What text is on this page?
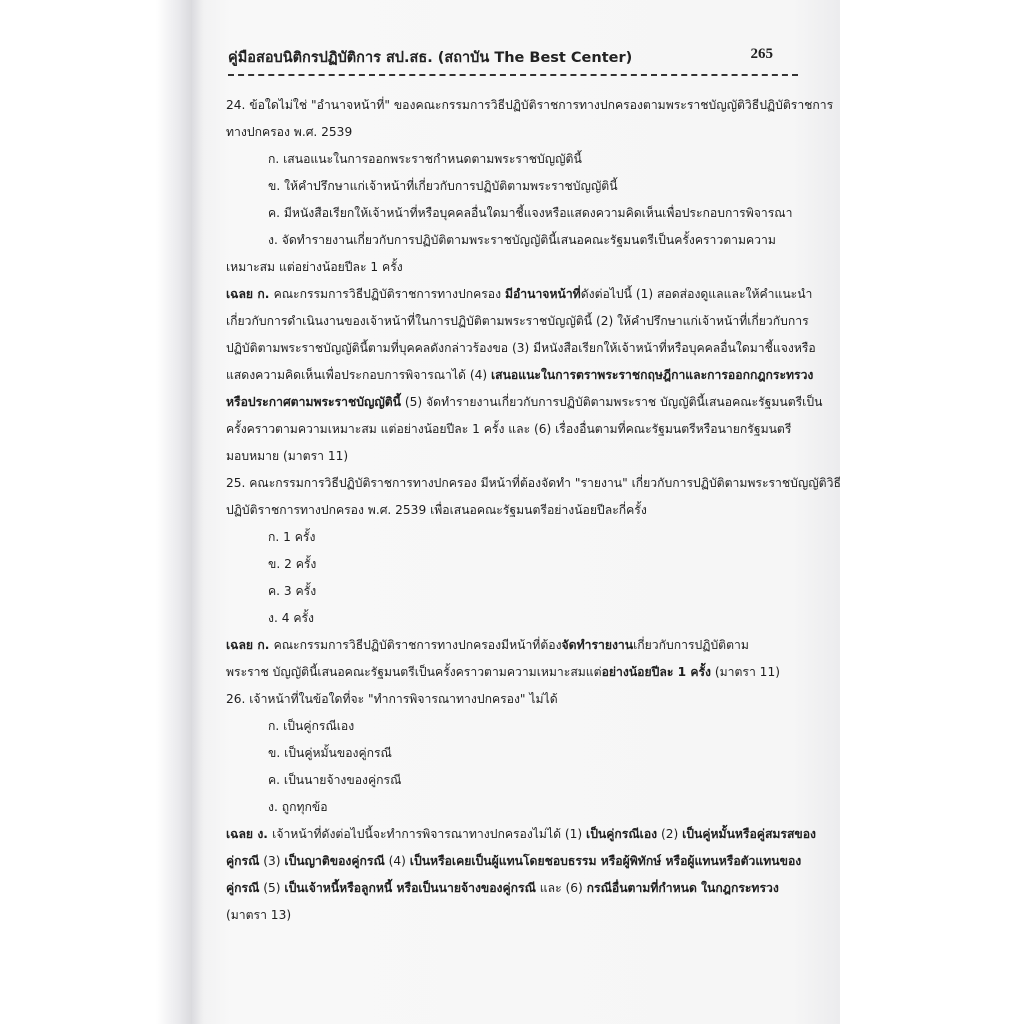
คู่มือสอบนิติกรปฏิบัติการ สป.สธ. (สถาบัน The Best Center)	265
24. ข้อใดไม่ใช่ "อำนาจหน้าที่" ของคณะกรรมการวิธีปฏิบัติราชการทางปกครองตามพระราชบัญญัติวิธีปฏิบัติราชการ
ทางปกครอง พ.ศ. 2539
ก. เสนอแนะในการออกพระราชกำหนดตามพระราชบัญญัตินี้
ข. ให้คำปรึกษาแก่เจ้าหน้าที่เกี่ยวกับการปฏิบัติตามพระราชบัญญัตินี้
ค. มีหนังสือเรียกให้เจ้าหน้าที่หรือบุคคลอื่นใดมาชี้แจงหรือแสดงความคิดเห็นเพื่อประกอบการพิจารณา
ง. จัดทำรายงานเกี่ยวกับการปฏิบัติตามพระราชบัญญัตินี้เสนอคณะรัฐมนตรีเป็นครั้งคราวตามความ
เหมาะสม แต่อย่างน้อยปีละ 1 ครั้ง
เฉลย ก. คณะกรรมการวิธีปฏิบัติราชการทางปกครอง มีอำนาจหน้าที่ดังต่อไปนี้ (1) สอดส่องดูแลและให้คำแนะนำ
เกี่ยวกับการดำเนินงานของเจ้าหน้าที่ในการปฏิบัติตามพระราชบัญญัตินี้ (2) ให้คำปรึกษาแก่เจ้าหน้าที่เกี่ยวกับการ
ปฏิบัติตามพระราชบัญญัตินี้ตามที่บุคคลดังกล่าวร้องขอ (3) มีหนังสือเรียกให้เจ้าหน้าที่หรือบุคคลอื่นใดมาชี้แจงหรือ
แสดงความคิดเห็นเพื่อประกอบการพิจารณาได้ (4) เสนอแนะในการตราพระราชกฤษฎีกาและการออกกฎกระทรวง
หรือประกาศตามพระราชบัญญัตินี้ (5) จัดทำรายงานเกี่ยวกับการปฏิบัติตามพระราช บัญญัตินี้เสนอคณะรัฐมนตรีเป็น
ครั้งคราวตามความเหมาะสม แต่อย่างน้อยปีละ 1 ครั้ง และ (6) เรื่องอื่นตามที่คณะรัฐมนตรีหรือนายกรัฐมนตรี
มอบหมาย (มาตรา 11)
25. คณะกรรมการวิธีปฏิบัติราชการทางปกครอง มีหน้าที่ต้องจัดทำ "รายงาน" เกี่ยวกับการปฏิบัติตามพระราชบัญญัติวิธี
ปฏิบัติราชการทางปกครอง พ.ศ. 2539 เพื่อเสนอคณะรัฐมนตรีอย่างน้อยปีละกี่ครั้ง
ก. 1 ครั้ง
ข. 2 ครั้ง
ค. 3 ครั้ง
ง. 4 ครั้ง
เฉลย ก. คณะกรรมการวิธีปฏิบัติราชการทางปกครองมีหน้าที่ต้องจัดทำรายงานเกี่ยวกับการปฏิบัติตาม
พระราช บัญญัตินี้เสนอคณะรัฐมนตรีเป็นครั้งคราวตามความเหมาะสมแต่อย่างน้อยปีละ 1 ครั้ง (มาตรา 11)
26. เจ้าหน้าที่ในข้อใดที่จะ "ทำการพิจารณาทางปกครอง" ไม่ได้
ก. เป็นคู่กรณีเอง
ข. เป็นคู่หมั้นของคู่กรณี
ค. เป็นนายจ้างของคู่กรณี
ง. ถูกทุกข้อ
เฉลย ง. เจ้าหน้าที่ดังต่อไปนี้จะทำการพิจารณาทางปกครองไม่ได้ (1) เป็นคู่กรณีเอง (2) เป็นคู่หมั้นหรือคู่สมรสของ
คู่กรณี (3) เป็นญาติของคู่กรณี (4) เป็นหรือเคยเป็นผู้แทนโดยชอบธรรม หรือผู้พิทักษ์ หรือผู้แทนหรือตัวแทนของ
คู่กรณี (5) เป็นเจ้าหนี้หรือลูกหนี้ หรือเป็นนายจ้างของคู่กรณี และ (6) กรณีอื่นตามที่กำหนด ในกฎกระทรวง
(มาตรา 13)
